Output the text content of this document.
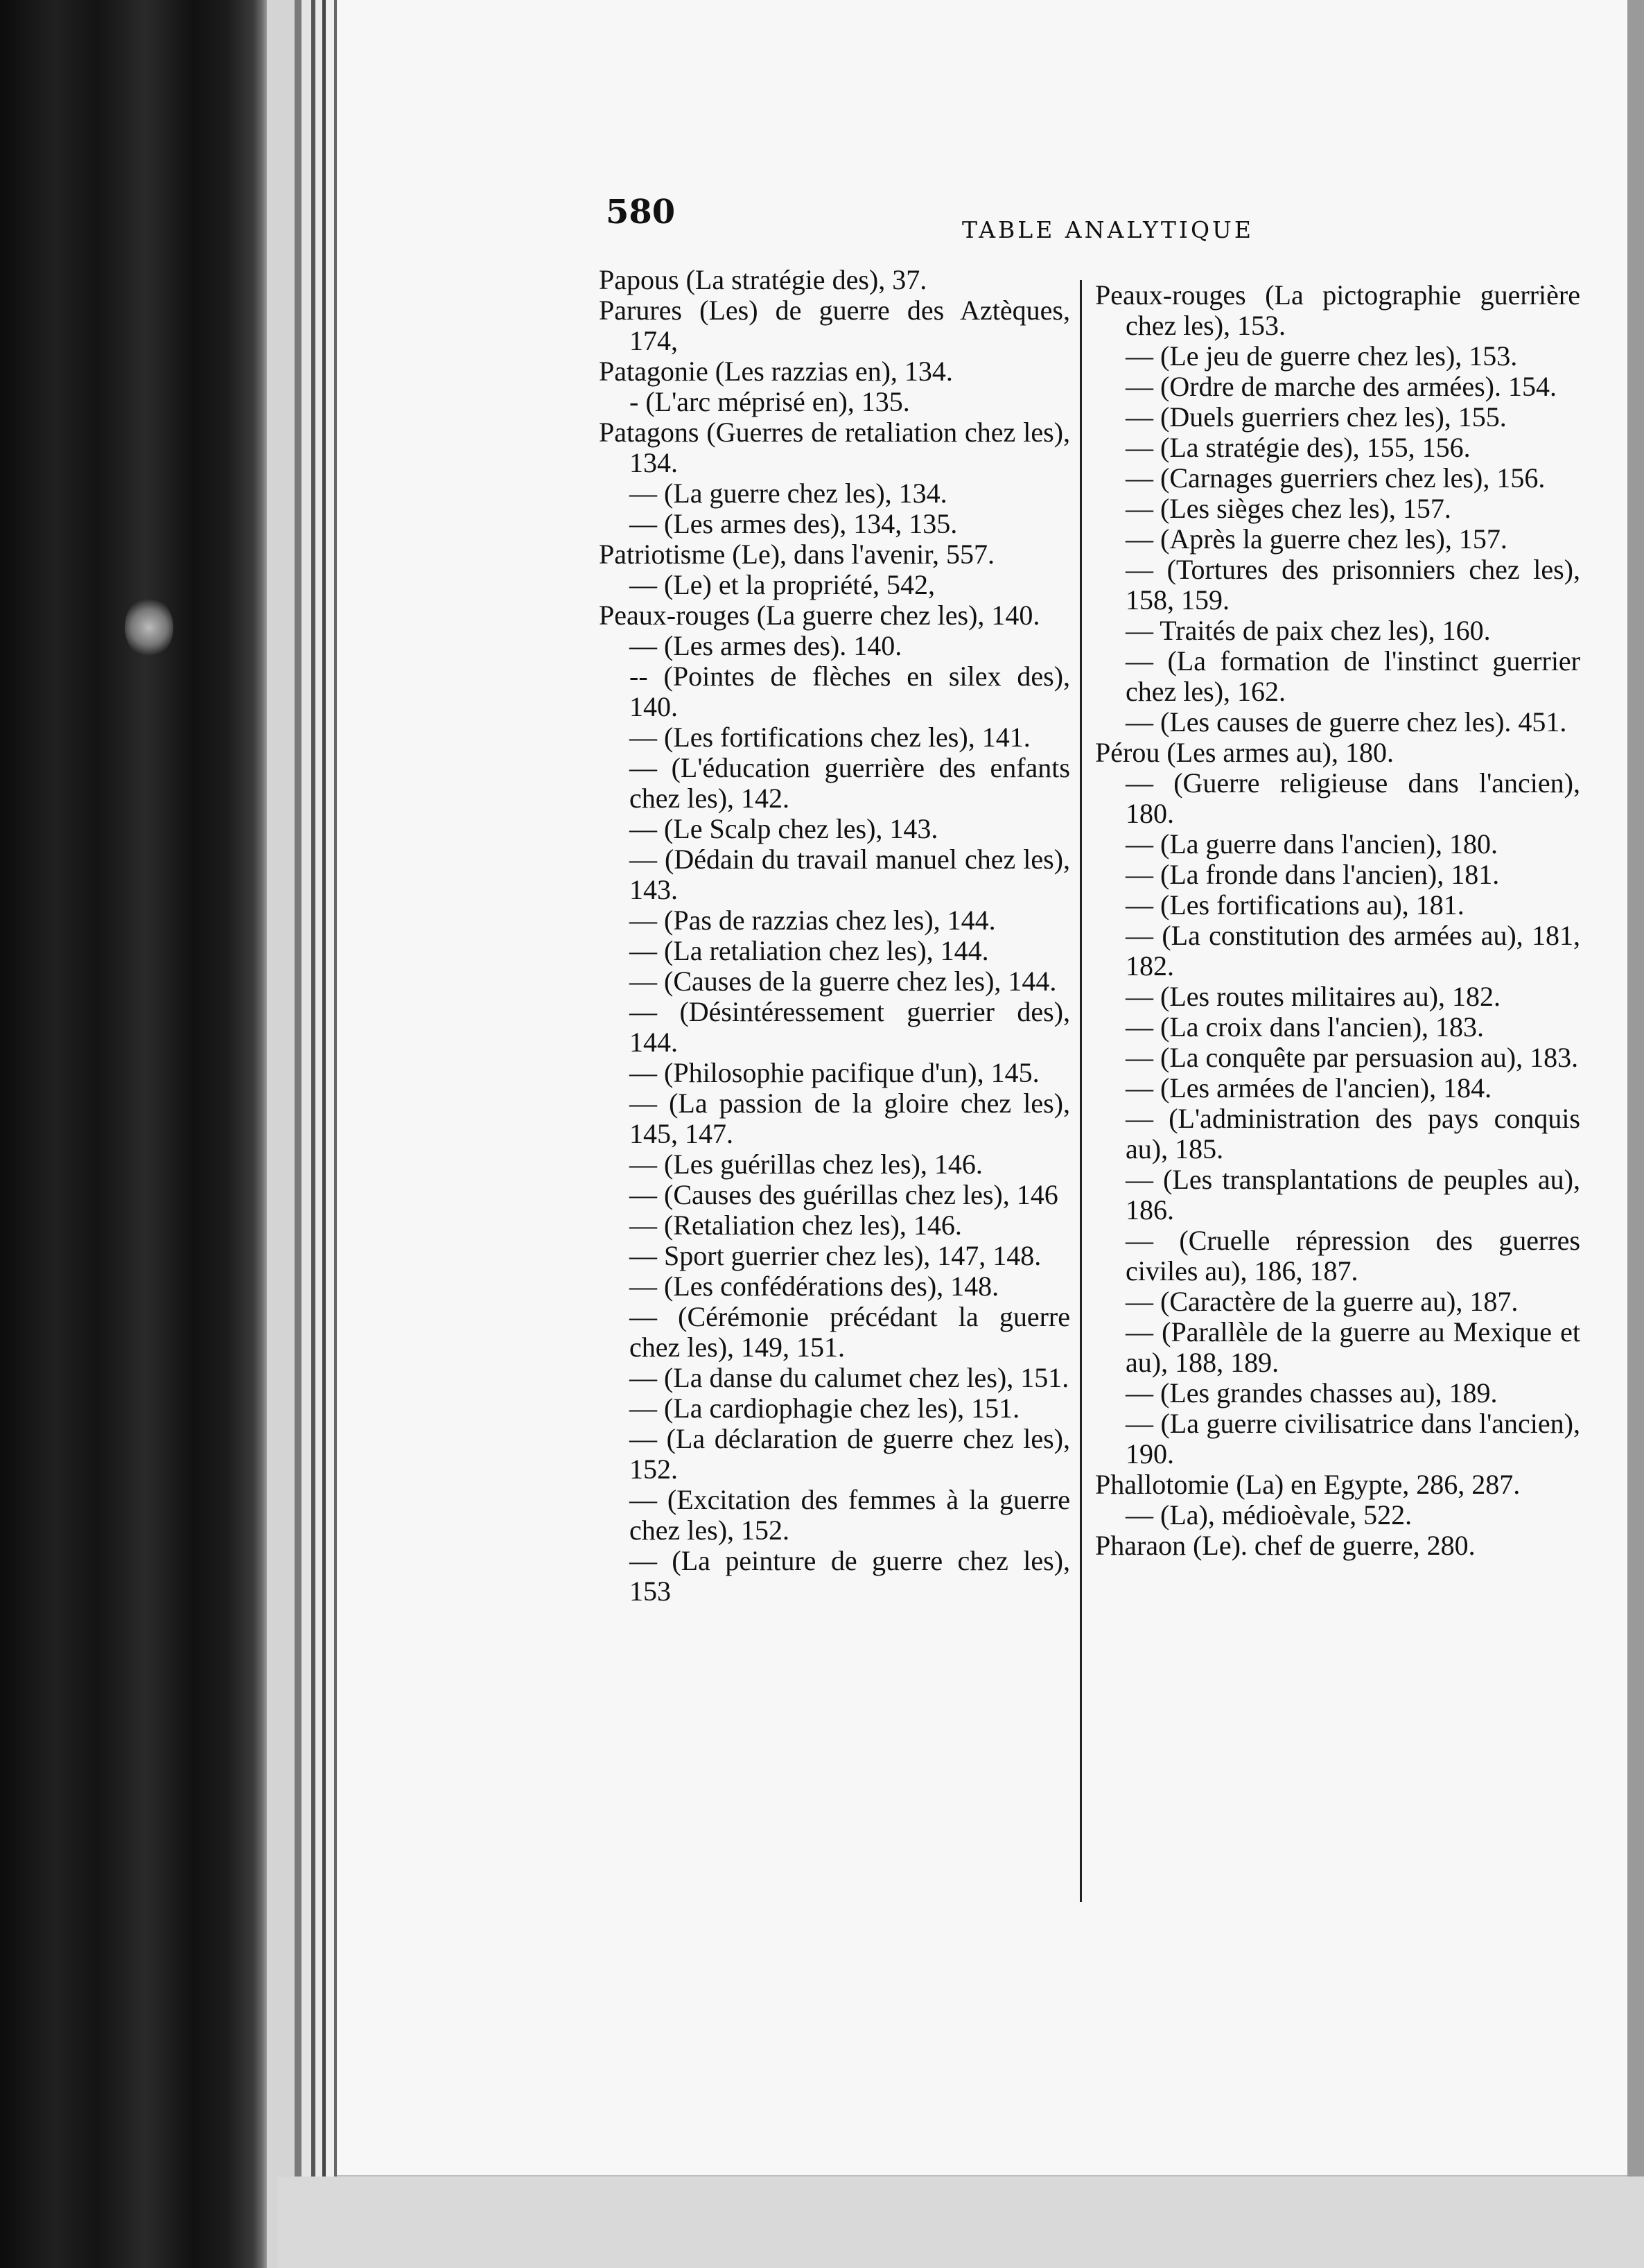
580	TABLE ANALYTIQUE
Papous (La stratégie des), 37.
Parures (Les) de guerre des Aztèques, 174,
Patagonie (Les razzias en), 134.
- (L'arc méprisé en), 135.
Patagons (Guerres de retaliation chez les), 134.
— (La guerre chez les), 134.
— (Les armes des), 134, 135.
Patriotisme (Le), dans l'avenir, 557.
— (Le) et la propriété, 542,
Peaux-rouges (La guerre chez les), 140.
— (Les armes des). 140.
-- (Pointes de flèches en silex des), 140.
— (Les fortifications chez les), 141.
— (L'éducation guerrière des enfants chez les), 142.
— (Le Scalp chez les), 143.
— (Dédain du travail manuel chez les), 143.
— (Pas de razzias chez les), 144.
— (La retaliation chez les), 144.
— (Causes de la guerre chez les), 144.
— (Désintéressement guerrier des), 144.
— (Philosophie pacifique d'un), 145.
— (La passion de la gloire chez les), 145, 147.
— (Les guérillas chez les), 146.
— (Causes des guérillas chez les), 146
— (Retaliation chez les), 146.
— Sport guerrier chez les), 147, 148.
— (Les confédérations des), 148.
— (Cérémonie précédant la guerre chez les), 149, 151.
— (La danse du calumet chez les), 151.
— (La cardiophagie chez les), 151.
— (La déclaration de guerre chez les), 152.
— (Excitation des femmes à la guerre chez les), 152.
— (La peinture de guerre chez les), 153
Peaux-rouges (La pictographie guerrière chez les), 153.
— (Le jeu de guerre chez les), 153.
— (Ordre de marche des armées). 154.
— (Duels guerriers chez les), 155.
— (La stratégie des), 155, 156.
— (Carnages guerriers chez les), 156.
— (Les sièges chez les), 157.
— (Après la guerre chez les), 157.
— (Tortures des prisonniers chez les), 158, 159.
— Traités de paix chez les), 160.
— (La formation de l'instinct guerrier chez les), 162.
— (Les causes de guerre chez les). 451.
Pérou (Les armes au), 180.
— (Guerre religieuse dans l'ancien), 180.
— (La guerre dans l'ancien), 180.
— (La fronde dans l'ancien), 181.
— (Les fortifications au), 181.
— (La constitution des armées au), 181, 182.
— (Les routes militaires au), 182.
— (La croix dans l'ancien), 183.
— (La conquête par persuasion au), 183.
— (Les armées de l'ancien), 184.
— (L'administration des pays conquis au), 185.
— (Les transplantations de peuples au), 186.
— (Cruelle répression des guerres civiles au), 186, 187.
— (Caractère de la guerre au), 187.
— (Parallèle de la guerre au Mexique et au), 188, 189.
— (Les grandes chasses au), 189.
— (La guerre civilisatrice dans l'ancien), 190.
Phallotomie (La) en Egypte, 286, 287.
— (La), médioèvale, 522.
Pharaon (Le). chef de guerre, 280.
